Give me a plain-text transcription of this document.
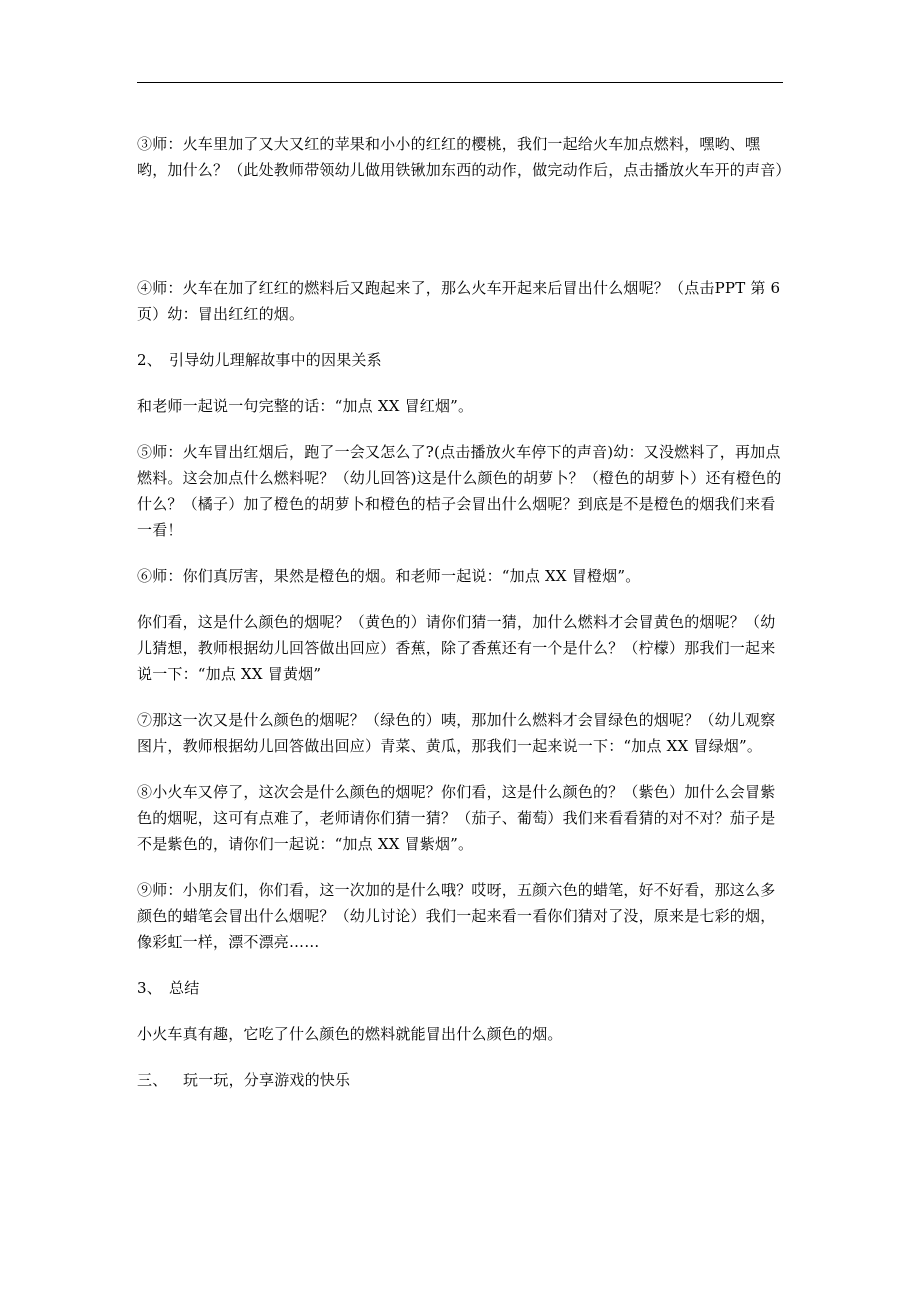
③师：火车里加了又大又红的苹果和小小的红红的樱桃，我们一起给火车加点燃料，嘿哟、嘿哟，加什么？（此处教师带领幼儿做用铁锹加东西的动作，做完动作后，点击播放火车开的声音）

④师：火车在加了红红的燃料后又跑起来了，那么火车开起来后冒出什么烟呢？（点击PPT 第 6 页）幼：冒出红红的烟。

2、 引导幼儿理解故事中的因果关系

和老师一起说一句完整的话：“加点 XX 冒红烟”。

⑤师：火车冒出红烟后，跑了一会又怎么了?(点击播放火车停下的声音)幼：又没燃料了，再加点燃料。这会加点什么燃料呢？（幼儿回答)这是什么颜色的胡萝卜？（橙色的胡萝卜）还有橙色的什么？（橘子）加了橙色的胡萝卜和橙色的桔子会冒出什么烟呢？到底是不是橙色的烟我们来看一看！

⑥师：你们真厉害，果然是橙色的烟。和老师一起说：“加点 XX 冒橙烟”。

你们看，这是什么颜色的烟呢？（黄色的）请你们猜一猜，加什么燃料才会冒黄色的烟呢？（幼儿猜想，教师根据幼儿回答做出回应）香蕉，除了香蕉还有一个是什么？（柠檬）那我们一起来说一下：“加点 XX 冒黄烟”

⑦那这一次又是什么颜色的烟呢？（绿色的）咦，那加什么燃料才会冒绿色的烟呢？（幼儿观察图片，教师根据幼儿回答做出回应）青菜、黄瓜，那我们一起来说一下：“加点 XX 冒绿烟”。

⑧小火车又停了，这次会是什么颜色的烟呢？你们看，这是什么颜色的？（紫色）加什么会冒紫色的烟呢，这可有点难了，老师请你们猜一猜？（茄子、葡萄）我们来看看猜的对不对？茄子是不是紫色的，请你们一起说：“加点 XX 冒紫烟”。

⑨师：小朋友们，你们看，这一次加的是什么哦？哎呀，五颜六色的蜡笔，好不好看，那这么多颜色的蜡笔会冒出什么烟呢？（幼儿讨论）我们一起来看一看你们猜对了没，原来是七彩的烟，像彩虹一样，漂不漂亮……

3、 总结

小火车真有趣，它吃了什么颜色的燃料就能冒出什么颜色的烟。

三、 玩一玩，分享游戏的快乐
